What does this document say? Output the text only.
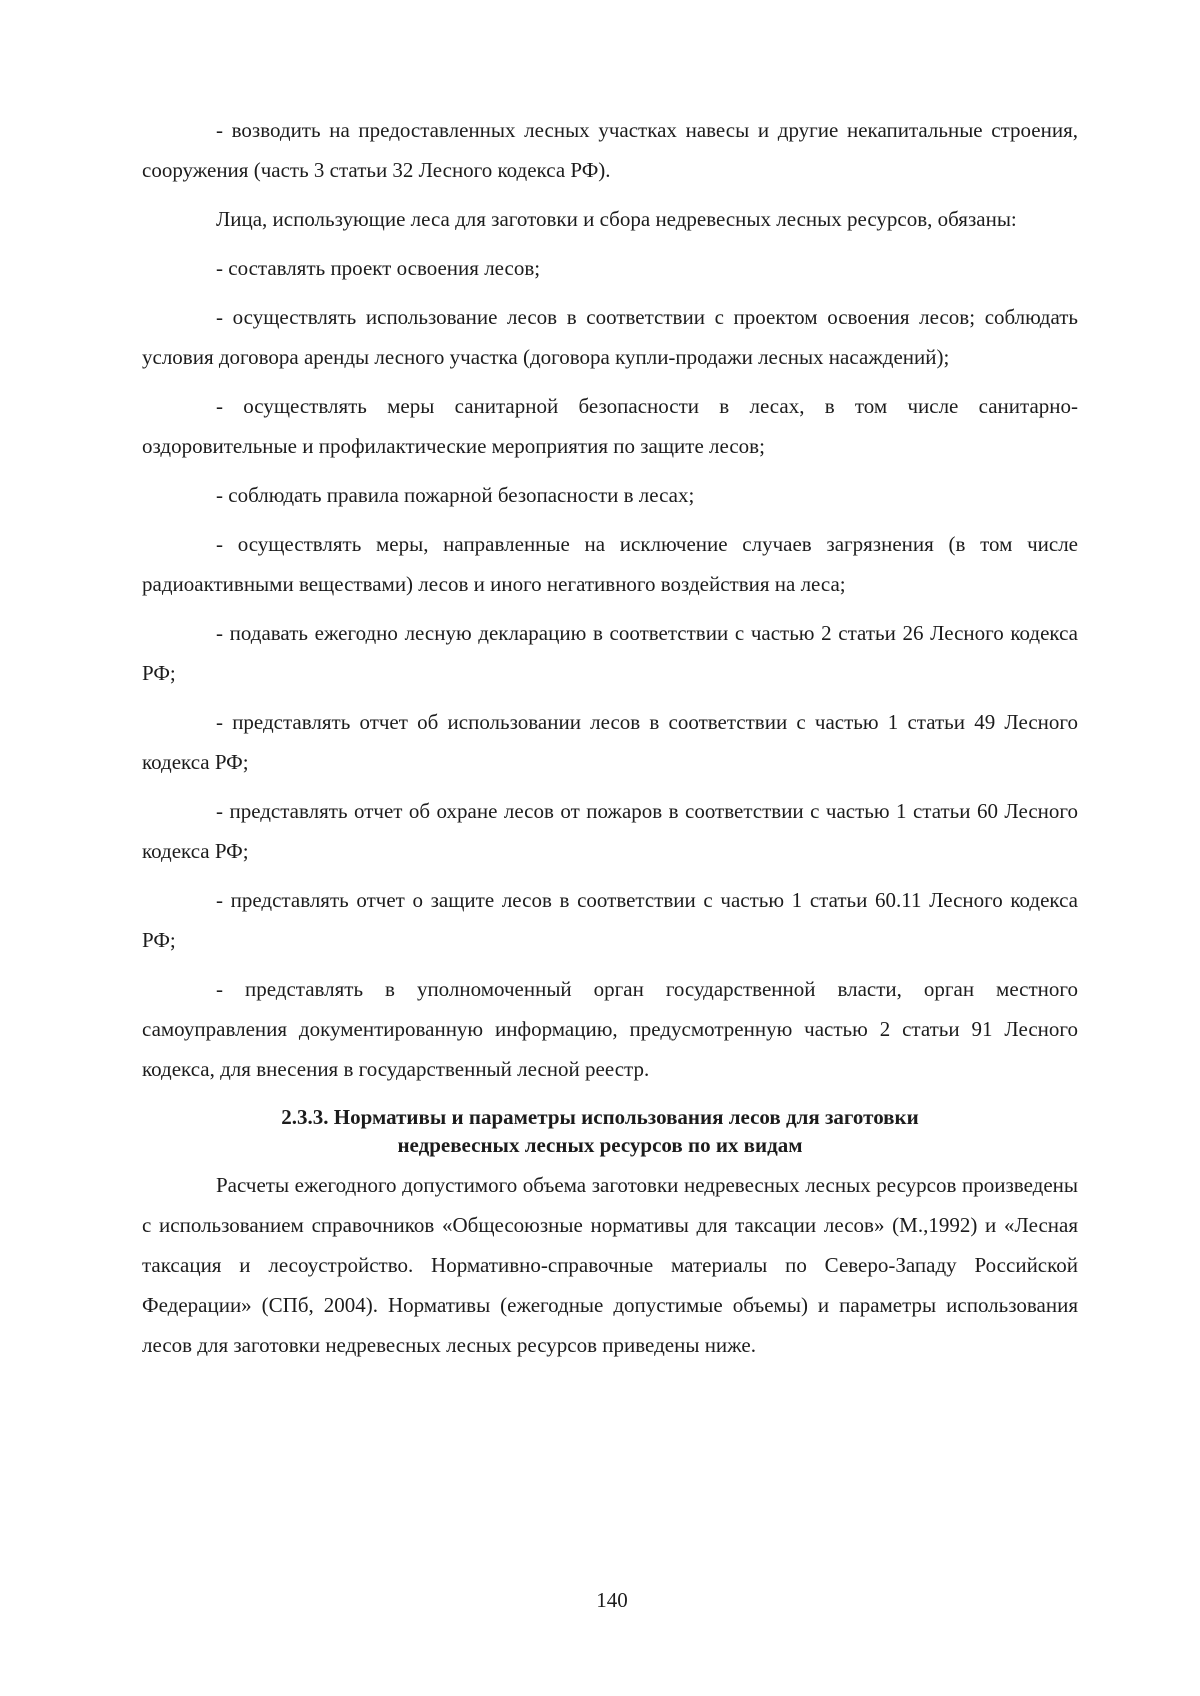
- возводить на предоставленных лесных участках навесы и другие некапитальные строения, сооружения (часть 3 статьи 32 Лесного кодекса РФ).

Лица, использующие леса для заготовки и сбора недревесных лесных ресурсов, обязаны:

- составлять проект освоения лесов;

- осуществлять использование лесов в соответствии с проектом освоения лесов; соблюдать условия договора аренды лесного участка (договора купли-продажи лесных насаждений);

- осуществлять меры санитарной безопасности в лесах, в том числе санитарно-оздоровительные и профилактические мероприятия по защите лесов;

- соблюдать правила пожарной безопасности в лесах;

- осуществлять меры, направленные на исключение случаев загрязнения (в том числе радиоактивными веществами) лесов и иного негативного воздействия на леса;

- подавать ежегодно лесную декларацию в соответствии с частью 2 статьи 26 Лесного кодекса РФ;

- представлять отчет об использовании лесов в соответствии с частью 1 статьи 49 Лесного кодекса РФ;

- представлять отчет об охране лесов от пожаров в соответствии с частью 1 статьи 60 Лесного кодекса РФ;

- представлять отчет о защите лесов в соответствии с частью 1 статьи 60.11 Лесного кодекса РФ;

- представлять в уполномоченный орган государственной власти, орган местного самоуправления документированную информацию, предусмотренную частью 2 статьи 91 Лесного кодекса, для внесения в государственный лесной реестр.

2.3.3. Нормативы и параметры использования лесов для заготовки
недревесных лесных ресурсов по их видам

Расчеты ежегодного допустимого объема заготовки недревесных лесных ресурсов произведены с использованием справочников «Общесоюзные нормативы для таксации лесов» (М.,1992) и «Лесная таксация и лесоустройство. Нормативно-справочные материалы по Северо-Западу Российской Федерации» (СПб, 2004). Нормативы (ежегодные допустимые объемы) и параметры использования лесов для заготовки недревесных лесных ресурсов приведены ниже.

140
